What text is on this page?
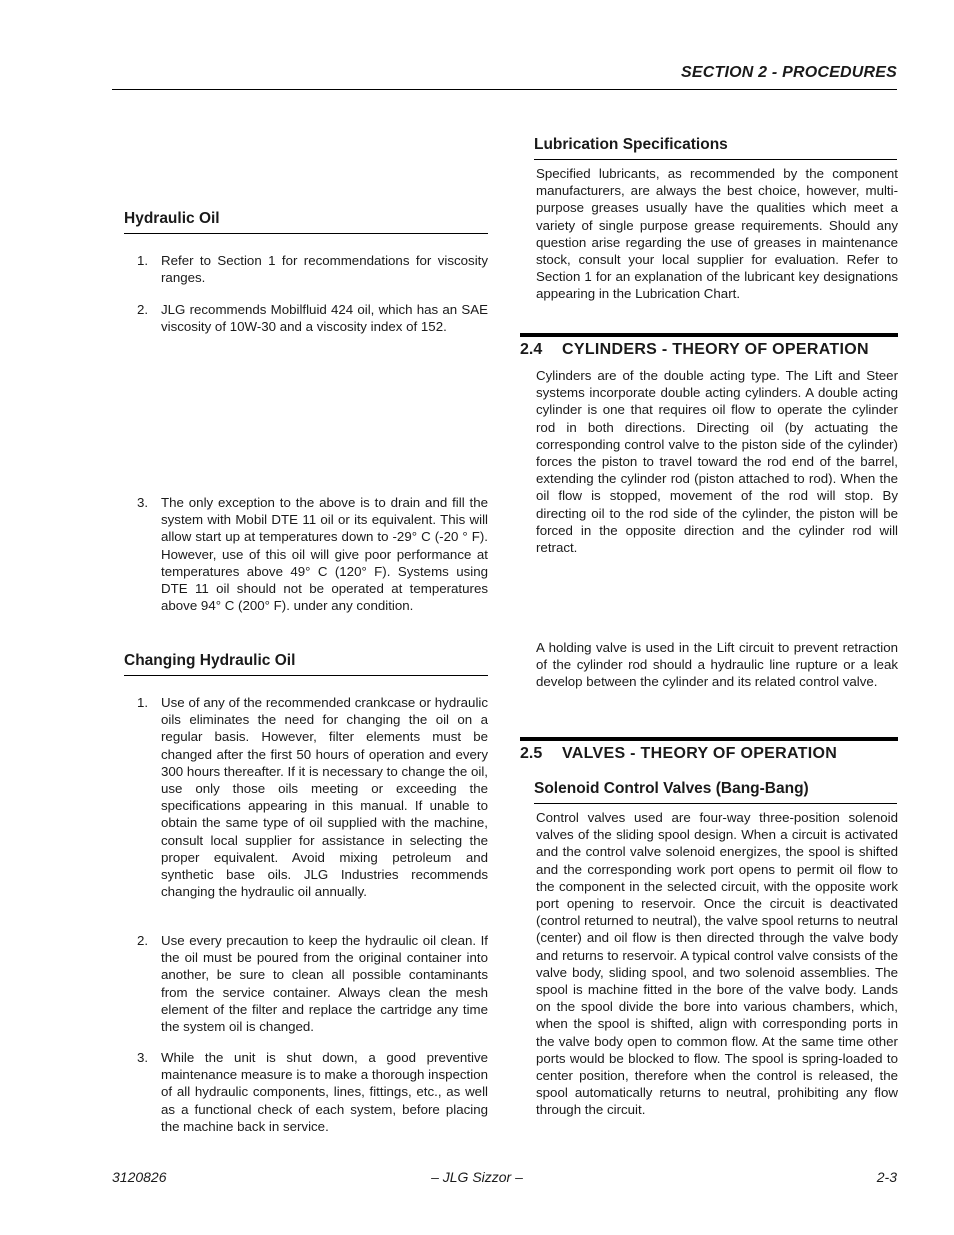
SECTION 2 - PROCEDURES
Hydraulic Oil
1. Refer to Section 1 for recommendations for viscosity ranges.
2. JLG recommends Mobilfluid 424 oil, which has an SAE viscosity of 10W-30 and a viscosity index of 152.
3. The only exception to the above is to drain and fill the system with Mobil DTE 11 oil or its equivalent. This will allow start up at temperatures down to -29° C (-20 ° F). However, use of this oil will give poor performance at temperatures above 49° C (120° F). Systems using DTE 11 oil should not be operated at temperatures above 94° C (200° F). under any condition.
Changing Hydraulic Oil
1. Use of any of the recommended crankcase or hydraulic oils eliminates the need for changing the oil on a regular basis. However, filter elements must be changed after the first 50 hours of operation and every 300 hours thereafter. If it is necessary to change the oil, use only those oils meeting or exceeding the specifications appearing in this manual. If unable to obtain the same type of oil supplied with the machine, consult local supplier for assistance in selecting the proper equivalent. Avoid mixing petroleum and synthetic base oils. JLG Industries recommends changing the hydraulic oil annually.
2. Use every precaution to keep the hydraulic oil clean. If the oil must be poured from the original container into another, be sure to clean all possible contaminants from the service container. Always clean the mesh element of the filter and replace the cartridge any time the system oil is changed.
3. While the unit is shut down, a good preventive maintenance measure is to make a thorough inspection of all hydraulic components, lines, fittings, etc., as well as a functional check of each system, before placing the machine back in service.
Lubrication Specifications
Specified lubricants, as recommended by the component manufacturers, are always the best choice, however, multi-purpose greases usually have the qualities which meet a variety of single purpose grease requirements. Should any question arise regarding the use of greases in maintenance stock, consult your local supplier for evaluation. Refer to Section 1 for an explanation of the lubricant key designations appearing in the Lubrication Chart.
2.4 CYLINDERS - THEORY OF OPERATION
Cylinders are of the double acting type. The Lift and Steer systems incorporate double acting cylinders. A double acting cylinder is one that requires oil flow to operate the cylinder rod in both directions. Directing oil (by actuating the corresponding control valve to the piston side of the cylinder) forces the piston to travel toward the rod end of the barrel, extending the cylinder rod (piston attached to rod). When the oil flow is stopped, movement of the rod will stop. By directing oil to the rod side of the cylinder, the piston will be forced in the opposite direction and the cylinder rod will retract.
A holding valve is used in the Lift circuit to prevent retraction of the cylinder rod should a hydraulic line rupture or a leak develop between the cylinder and its related control valve.
2.5 VALVES - THEORY OF OPERATION
Solenoid Control Valves (Bang-Bang)
Control valves used are four-way three-position solenoid valves of the sliding spool design. When a circuit is activated and the control valve solenoid energizes, the spool is shifted and the corresponding work port opens to permit oil flow to the component in the selected circuit, with the opposite work port opening to reservoir. Once the circuit is deactivated (control returned to neutral), the valve spool returns to neutral (center) and oil flow is then directed through the valve body and returns to reservoir. A typical control valve consists of the valve body, sliding spool, and two solenoid assemblies. The spool is machine fitted in the bore of the valve body. Lands on the spool divide the bore into various chambers, which, when the spool is shifted, align with corresponding ports in the valve body open to common flow. At the same time other ports would be blocked to flow. The spool is spring-loaded to center position, therefore when the control is released, the spool automatically returns to neutral, prohibiting any flow through the circuit.
3120826	– JLG Sizzor –	2-3
